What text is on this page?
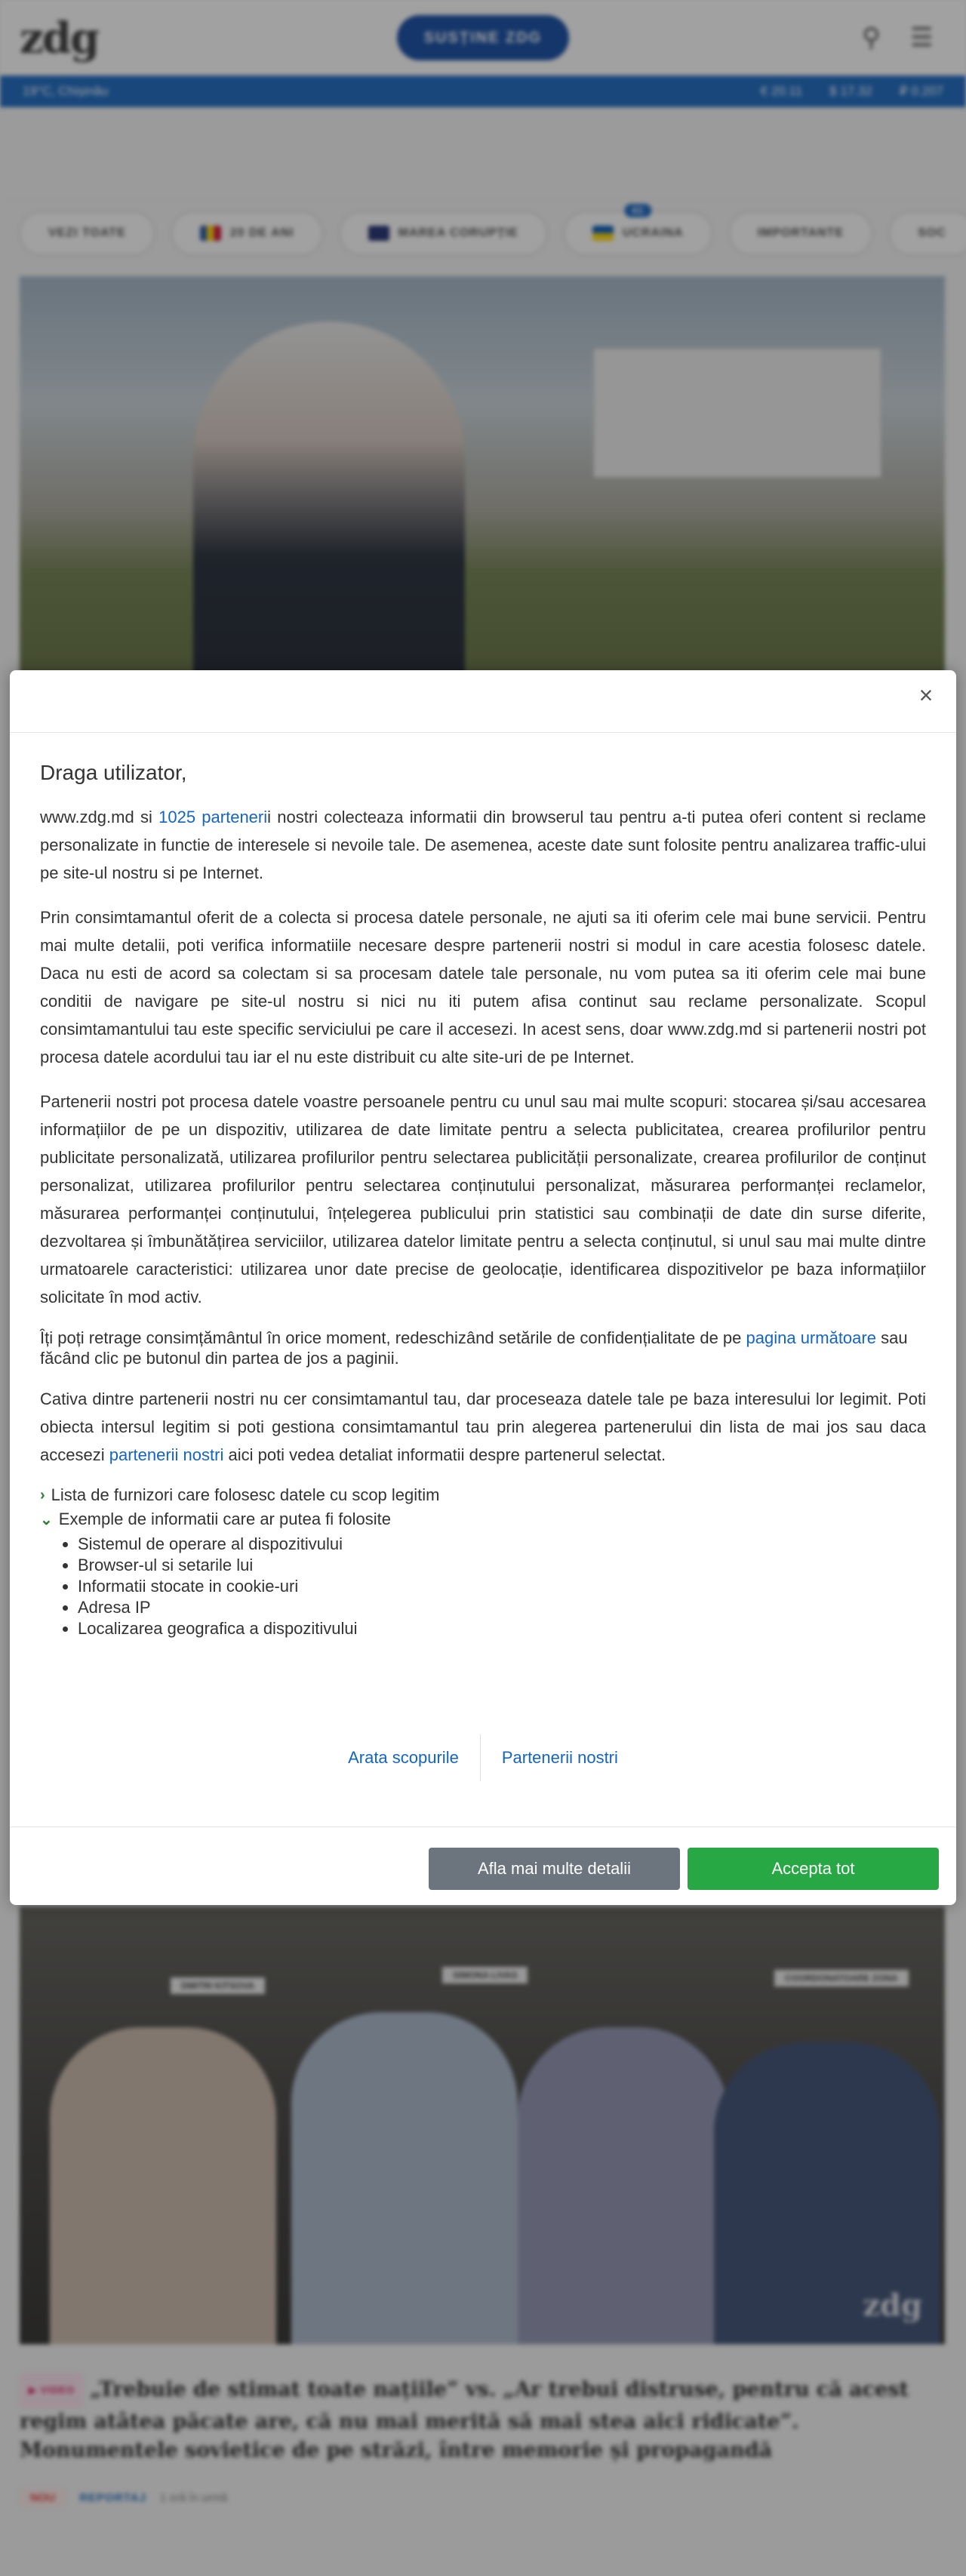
zdg	SUSȚINE ZDG	⚲ ☰
19°C, Chișinău	€ 20.11 $ 17.32 ₽ 0.207
VEZI TOATE	20 DE ANI	MAREA CORUPȚIE
41
UCRAINA	IMPORTANTE	SOC
DMITRI KITSOVA
SIMONA LIVAS	COORDONATOARE ZONA
zdg
▶ VIDEO „Trebuie de stimat toate națiile” vs. „Ar trebui distruse, pentru că acest regim atâtea păcate are, că nu mai merită să mai stea aici ridicate”. Monumentele sovietice de pe străzi, între memorie și propagandă
NOU	REPORTAJ 1 oră în urmă
×

Draga utilizator,

www.zdg.md si 1025 partenerii nostri colecteaza informatii din browserul tau pentru a-ti putea oferi content si reclame personalizate in functie de interesele si nevoile tale. De asemenea, aceste date sunt folosite pentru analizarea traffic-ului pe site-ul nostru si pe Internet.

Prin consimtamantul oferit de a colecta si procesa datele personale, ne ajuti sa iti oferim cele mai bune servicii. Pentru mai multe detalii, poti verifica informatiile necesare despre partenerii nostri si modul in care acestia folosesc datele. Daca nu esti de acord sa colectam si sa procesam datele tale personale, nu vom putea sa iti oferim cele mai bune conditii de navigare pe site-ul nostru si nici nu iti putem afisa continut sau reclame personalizate. Scopul consimtamantului tau este specific serviciului pe care il accesezi. In acest sens, doar www.zdg.md si partenerii nostri pot procesa datele acordului tau iar el nu este distribuit cu alte site-uri de pe Internet.

Partenerii nostri pot procesa datele voastre persoanele pentru cu unul sau mai multe scopuri: stocarea și/sau accesarea informațiilor de pe un dispozitiv, utilizarea de date limitate pentru a selecta publicitatea, crearea profilurilor pentru publicitate personalizată, utilizarea profilurilor pentru selectarea publicității personalizate, crearea profilurilor de conținut personalizat, utilizarea profilurilor pentru selectarea conținutului personalizat, măsurarea performanței reclamelor, măsurarea performanței conținutului, înțelegerea publicului prin statistici sau combinații de date din surse diferite, dezvoltarea și îmbunătățirea serviciilor, utilizarea datelor limitate pentru a selecta conținutul, si unul sau mai multe dintre urmatoarele caracteristici: utilizarea unor date precise de geolocație, identificarea dispozitivelor pe baza informațiilor solicitate în mod activ.

Îți poți retrage consimțământul în orice moment, redeschizând setările de confidențialitate de pe pagina următoare sau făcând clic pe butonul din partea de jos a paginii.

Cativa dintre partenerii nostri nu cer consimtamantul tau, dar proceseaza datele tale pe baza interesului lor legimit. Poti obiecta intersul legitim si poti gestiona consimtamantul tau prin alegerea partenerului din lista de mai jos sau daca accesezi partenerii nostri aici poti vedea detaliat informatii despre partenerul selectat.

› Lista de furnizori care folosesc datele cu scop legitim
⌄ Exemple de informatii care ar putea fi folosite
• Sistemul de operare al dispozitivului
• Browser-ul si setarile lui
• Informatii stocate in cookie-uri
• Adresa IP
• Localizarea geografica a dispozitivului
Arata scopurile	Partenerii nostri
Afla mai multe detalii	Accepta tot
